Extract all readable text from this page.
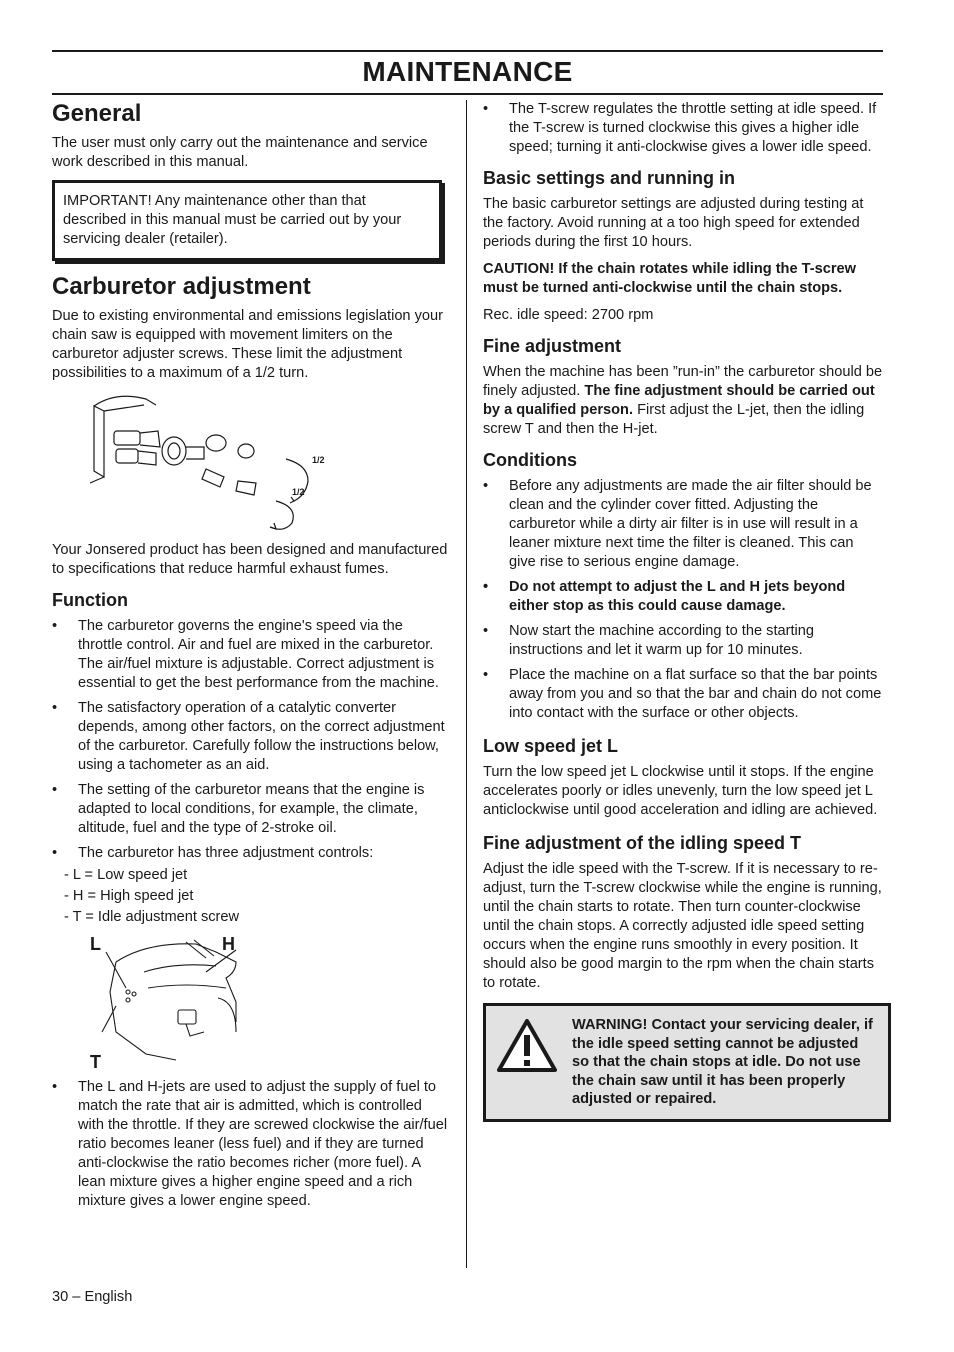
MAINTENANCE
General

The user must only carry out the maintenance and service work described in this manual.

IMPORTANT! Any maintenance other than that described in this manual must be carried out by your servicing dealer (retailer).

Carburetor adjustment

Due to existing environmental and emissions legislation your chain saw is equipped with movement limiters on the carburetor adjuster screws. These limit the adjustment possibilities to a maximum of a 1/2 turn.

1/2
1/2

Your Jonsered product has been designed and manufactured to specifications that reduce harmful exhaust fumes.

Function
• The carburetor governs the engine's speed via the throttle control. Air and fuel are mixed in the carburetor. The air/fuel mixture is adjustable. Correct adjustment is essential to get the best performance from the machine.
• The satisfactory operation of a catalytic converter depends, among other factors, on the correct adjustment of the carburetor. Carefully follow the instructions below, using a tachometer as an aid.
• The setting of the carburetor means that the engine is adapted to local conditions, for example, the climate, altitude, fuel and the type of 2-stroke oil.
• The carburetor has three adjustment controls:
- L = Low speed jet
- H = High speed jet
- T = Idle adjustment screw
L	H
T
• The L and H-jets are used to adjust the supply of fuel to match the rate that air is admitted, which is controlled with the throttle. If they are screwed clockwise the air/fuel ratio becomes leaner (less fuel) and if they are turned anti-clockwise the ratio becomes richer (more fuel). A lean mixture gives a higher engine speed and a rich mixture gives a lower engine speed.
• The T-screw regulates the throttle setting at idle speed. If the T-screw is turned clockwise this gives a higher idle speed; turning it anti-clockwise gives a lower idle speed.
Basic settings and running in

The basic carburetor settings are adjusted during testing at the factory. Avoid running at a too high speed for extended periods during the first 10 hours.

CAUTION! If the chain rotates while idling the T-screw must be turned anti-clockwise until the chain stops.

Rec. idle speed: 2700 rpm

Fine adjustment

When the machine has been ”run-in” the carburetor should be finely adjusted. The fine adjustment should be carried out by a qualified person. First adjust the L-jet, then the idling screw T and then the H-jet.

Conditions
• Before any adjustments are made the air filter should be clean and the cylinder cover fitted. Adjusting the carburetor while a dirty air filter is in use will result in a leaner mixture next time the filter is cleaned. This can give rise to serious engine damage.
• Do not attempt to adjust the L and H jets beyond either stop as this could cause damage.
• Now start the machine according to the starting instructions and let it warm up for 10 minutes.
• Place the machine on a flat surface so that the bar points away from you and so that the bar and chain do not come into contact with the surface or other objects.
Low speed jet L

Turn the low speed jet L clockwise until it stops. If the engine accelerates poorly or idles unevenly, turn the low speed jet L anticlockwise until good acceleration and idling are achieved.

Fine adjustment of the idling speed T

Adjust the idle speed with the T-screw. If it is necessary to re-adjust, turn the T-screw clockwise while the engine is running, until the chain starts to rotate. Then turn counter-clockwise until the chain stops. A correctly adjusted idle speed setting occurs when the engine runs smoothly in every position. It should also be good margin to the rpm when the chain starts to rotate.

WARNING! Contact your servicing dealer, if the idle speed setting cannot be adjusted so that the chain stops at idle. Do not use the chain saw until it has been properly adjusted or repaired.

30 – English
